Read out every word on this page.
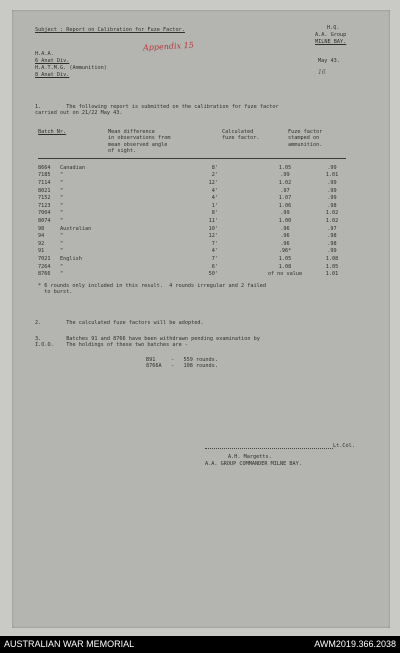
Subject : Report on Calibration for Fuze Factor.	H.Q.
A.A. Group
MILNE BAY.
H.A.A.
6 Anat Div.
H.A.T.M.G. (Ammunition)
8 Anat Div.
May 43.
Appendix 15
16
1.        The following report is submitted on the calibration for fuze factor
carried out on 21/22 May 43.
Batch Nr.	Mean difference
in observations from
mean observed angle
of sight.
Calculated
fuze factor.
Fuze factor
stamped on
ammunition.
8664	Canadian	8'	1.05	.99
7185	"	2'	.99	1.01
7114	"	12'	1.02	.99
8021	"	4'	.97	.99
7152	"	4'	1.07	.99
7123	"	1'	1.06	.98
7004	"	8'	.99	1.02
8074	"	11'	1.00	1.02
98	Australian	10'	.96	.97
94	"	12'	.96	.98
92	"	7'	.96	.98
91	"	4'	.96*	.99
7021	English	7'	1.05	1.08
7264	"	6'	1.08	1.05
8766	"	50'	of no value	1.01
* 6 rounds only included in this result.  4 rounds irregular and 2 failed
to burst.
2.        The calculated fuze factors will be adopted.
3.        Batches 91 and 8766 have been withdrawn pending examination by
I.O.O.    The holdings of these two batches are -
B91     -   559 rounds.
8766A   -   108 rounds.
Lt.Col.
A.H. Margetts.
A.A. GROUP COMMANDER MILNE BAY.
AUSTRALIAN WAR MEMORIAL	AWM2019.366.2038
